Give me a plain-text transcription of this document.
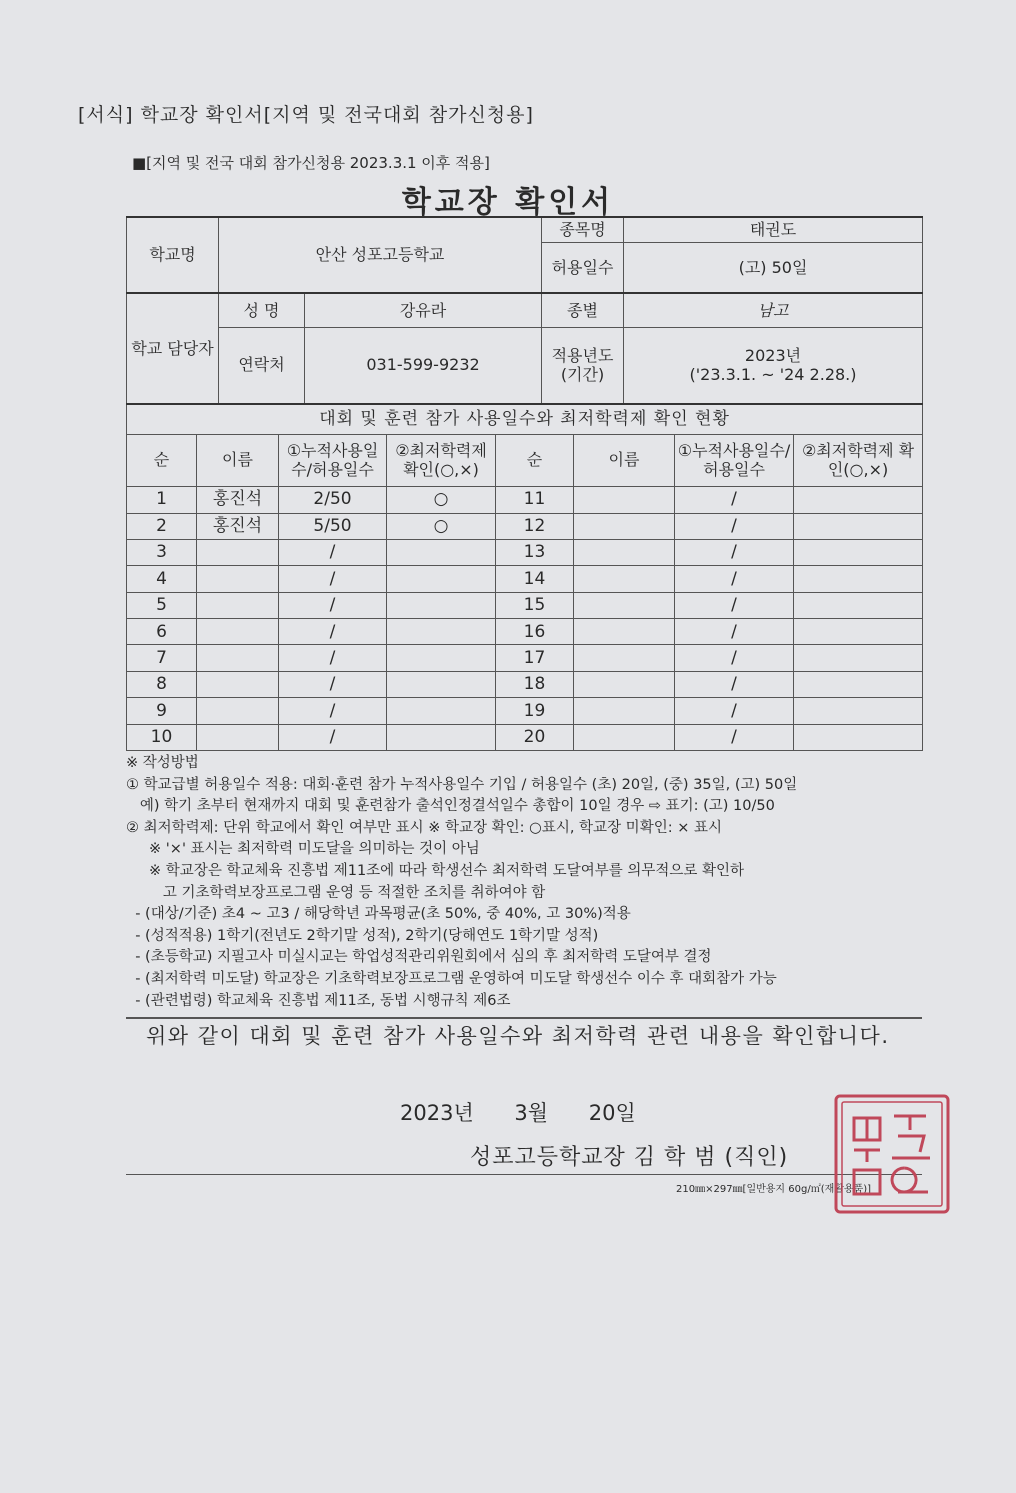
[서식] 학교장 확인서[지역 및 전국대회 참가신청용]
■[지역 및 전국 대회 참가신청용 2023.3.1 이후 적용]
학교장 확인서
학교명	안산 성포고등학교		종목명	태권도
			허용일수	(고) 50일
학교 담당자	성 명	강유라	종별	남고
	연락처	031-599-9232	적용년도 (기간)	2023년
('23.3.1. ~ '24 2.28.)
대회 및 훈련 참가 사용일수와 최저학력제 확인 현황							
순	이름	①누적사용일수/허용일수	②최저학력제 확인(○,×)	순	이름	①누적사용일수/허용일수	②최저학력제 확인(○,×)
1	홍진석	2/50	○	11		/	
2	홍진석	5/50	○	12		/	
3		/		13		/	
4		/		14		/	
5		/		15		/	
6		/		16		/	
7		/		17		/	
8		/		18		/	
9		/		19		/	
10		/		20		/	
※ 작성방법
① 학교급별 허용일수 적용: 대회·훈련 참가 누적사용일수 기입 / 허용일수 (초) 20일, (중) 35일, (고) 50일
예) 학기 초부터 현재까지 대회 및 훈련참가 출석인정결석일수 총합이 10일 경우 ⇨ 표기: (고) 10/50
② 최저학력제: 단위 학교에서 확인 여부만 표시 ※ 학교장 확인: ○표시, 학교장 미확인: × 표시
※ '×' 표시는 최저학력 미도달을 의미하는 것이 아님
※ 학교장은 학교체육 진흥법 제11조에 따라 학생선수 최저학력 도달여부를 의무적으로 확인하
고 기초학력보장프로그램 운영 등 적절한 조치를 취하여야 함
- (대상/기준) 초4 ~ 고3 / 해당학년 과목평균(초 50%, 중 40%, 고 30%)적용
- (성적적용) 1학기(전년도 2학기말 성적), 2학기(당해연도 1학기말 성적)
- (초등학교) 지필고사 미실시교는 학업성적관리위원회에서 심의 후 최저학력 도달여부 결정
- (최저학력 미도달) 학교장은 기초학력보장프로그램 운영하여 미도달 학생선수 이수 후 대회참가 가능
- (관련법령) 학교체육 진흥법 제11조, 동법 시행규칙 제6조
위와 같이 대회 및 훈련 참가 사용일수와 최저학력 관련 내용을 확인합니다.
2023년 3월 20일
성포고등학교장 김 학 범 (직인)
210㎜×297㎜[일반용지 60g/㎡(재활용품)]
